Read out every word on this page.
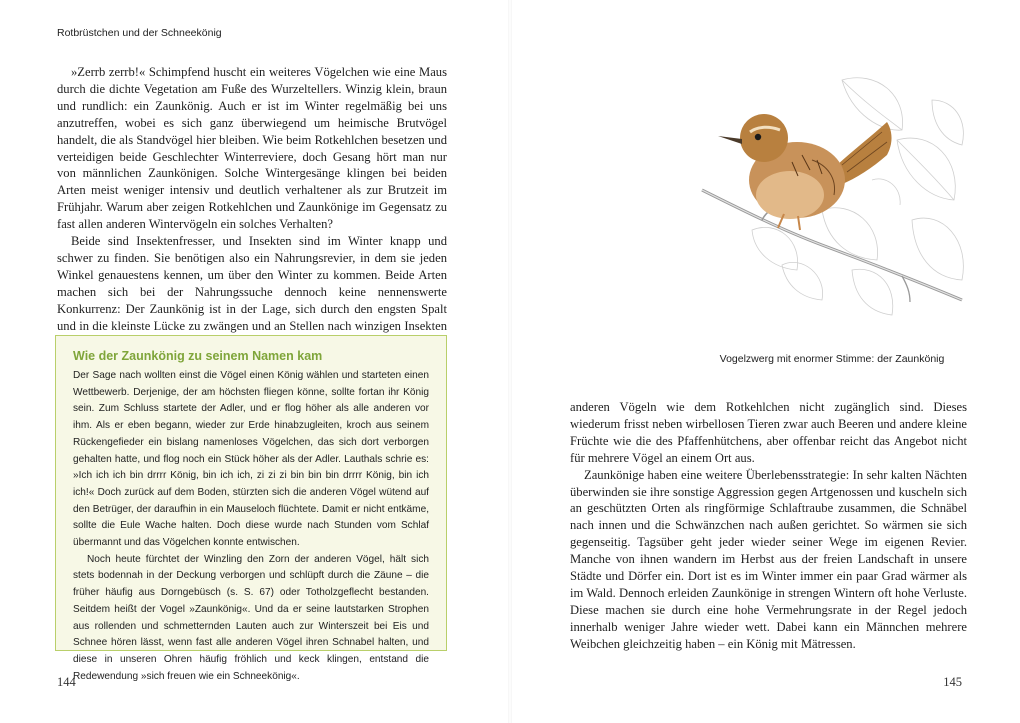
Rotbrüstchen und der Schneekönig

»Zerrb zerrb!« Schimpfend huscht ein weiteres Vögelchen wie eine Maus durch die dichte Vegetation am Fuße des Wurzeltellers. Winzig klein, braun und rundlich: ein Zaunkönig. Auch er ist im Winter regelmäßig bei uns anzutreffen, wobei es sich ganz überwiegend um heimische Brutvögel handelt, die als Standvögel hier bleiben. Wie beim Rotkehlchen besetzen und verteidigen beide Geschlechter Winterreviere, doch Gesang hört man nur von männlichen Zaunkönigen. Solche Wintergesänge klingen bei beiden Arten meist weniger intensiv und deutlich verhaltener als zur Brutzeit im Frühjahr. Warum aber zeigen Rotkehlchen und Zaunkönige im Gegensatz zu fast allen anderen Wintervögeln ein solches Verhalten?

Beide sind Insektenfresser, und Insekten sind im Winter knapp und schwer zu finden. Sie benötigen also ein Nahrungsrevier, in dem sie jeden Winkel genauestens kennen, um über den Winter zu kommen. Beide Arten machen sich bei der Nahrungssuche dennoch keine nennenswerte Konkurrenz: Der Zaunkönig ist in der Lage, sich durch den engsten Spalt und in die kleinste Lücke zu zwängen und an Stellen nach winzigen Insekten

Wie der Zaunkönig zu seinem Namen kam

Der Sage nach wollten einst die Vögel einen König wählen und starteten einen Wettbewerb. Derjenige, der am höchsten fliegen könne, sollte fortan ihr König sein. Zum Schluss startete der Adler, und er flog höher als alle anderen vor ihm. Als er eben begann, wieder zur Erde hinabzugleiten, kroch aus seinem Rückengefieder ein bislang namenloses Vögelchen, das sich dort verborgen gehalten hatte, und flog noch ein Stück höher als der Adler. Lauthals schrie es: »Ich ich ich bin drrrr König, bin ich ich, zi zi zi bin bin bin drrrr König, bin ich ich!« Doch zurück auf dem Boden, stürzten sich die anderen Vögel wütend auf den Betrüger, der daraufhin in ein Mauseloch flüchtete. Damit er nicht entkäme, sollte die Eule Wache halten. Doch diese wurde nach Stunden vom Schlaf übermannt und das Vögelchen konnte entwischen.

Noch heute fürchtet der Winzling den Zorn der anderen Vögel, hält sich stets bodennah in der Deckung verborgen und schlüpft durch die Zäune – die früher häufig aus Dorngebüsch (s. S. 67) oder Totholzgeflecht bestanden. Seitdem heißt der Vogel »Zaunkönig«. Und da er seine lautstarken Strophen aus rollenden und schmetternden Lauten auch zur Winterszeit bei Eis und Schnee hören lässt, wenn fast alle anderen Vögel ihren Schnabel halten, und diese in unseren Ohren häufig fröhlich und keck klingen, entstand die Redewendung »sich freuen wie ein Schneekönig«.

144
Vogelzwerg mit enormer Stimme: der Zaunkönig

anderen Vögeln wie dem Rotkehlchen nicht zugänglich sind. Dieses wiederum frisst neben wirbellosen Tieren zwar auch Beeren und andere kleine Früchte wie die des Pfaffenhütchens, aber offenbar reicht das Angebot nicht für mehrere Vögel an einem Ort aus.

Zaunkönige haben eine weitere Überlebensstrategie: In sehr kalten Nächten überwinden sie ihre sonstige Aggression gegen Artgenossen und kuscheln sich an geschützten Orten als ringförmige Schlaftraube zusammen, die Schnäbel nach innen und die Schwänzchen nach außen gerichtet. So wärmen sie sich gegenseitig. Tagsüber geht jeder wieder seiner Wege im eigenen Revier. Manche von ihnen wandern im Herbst aus der freien Landschaft in unsere Städte und Dörfer ein. Dort ist es im Winter immer ein paar Grad wärmer als im Wald. Dennoch erleiden Zaunkönige in strengen Wintern oft hohe Verluste. Diese machen sie durch eine hohe Vermehrungsrate in der Regel jedoch innerhalb weniger Jahre wieder wett. Dabei kann ein Männchen mehrere Weibchen gleichzeitig haben – ein König mit Mätressen.

145
